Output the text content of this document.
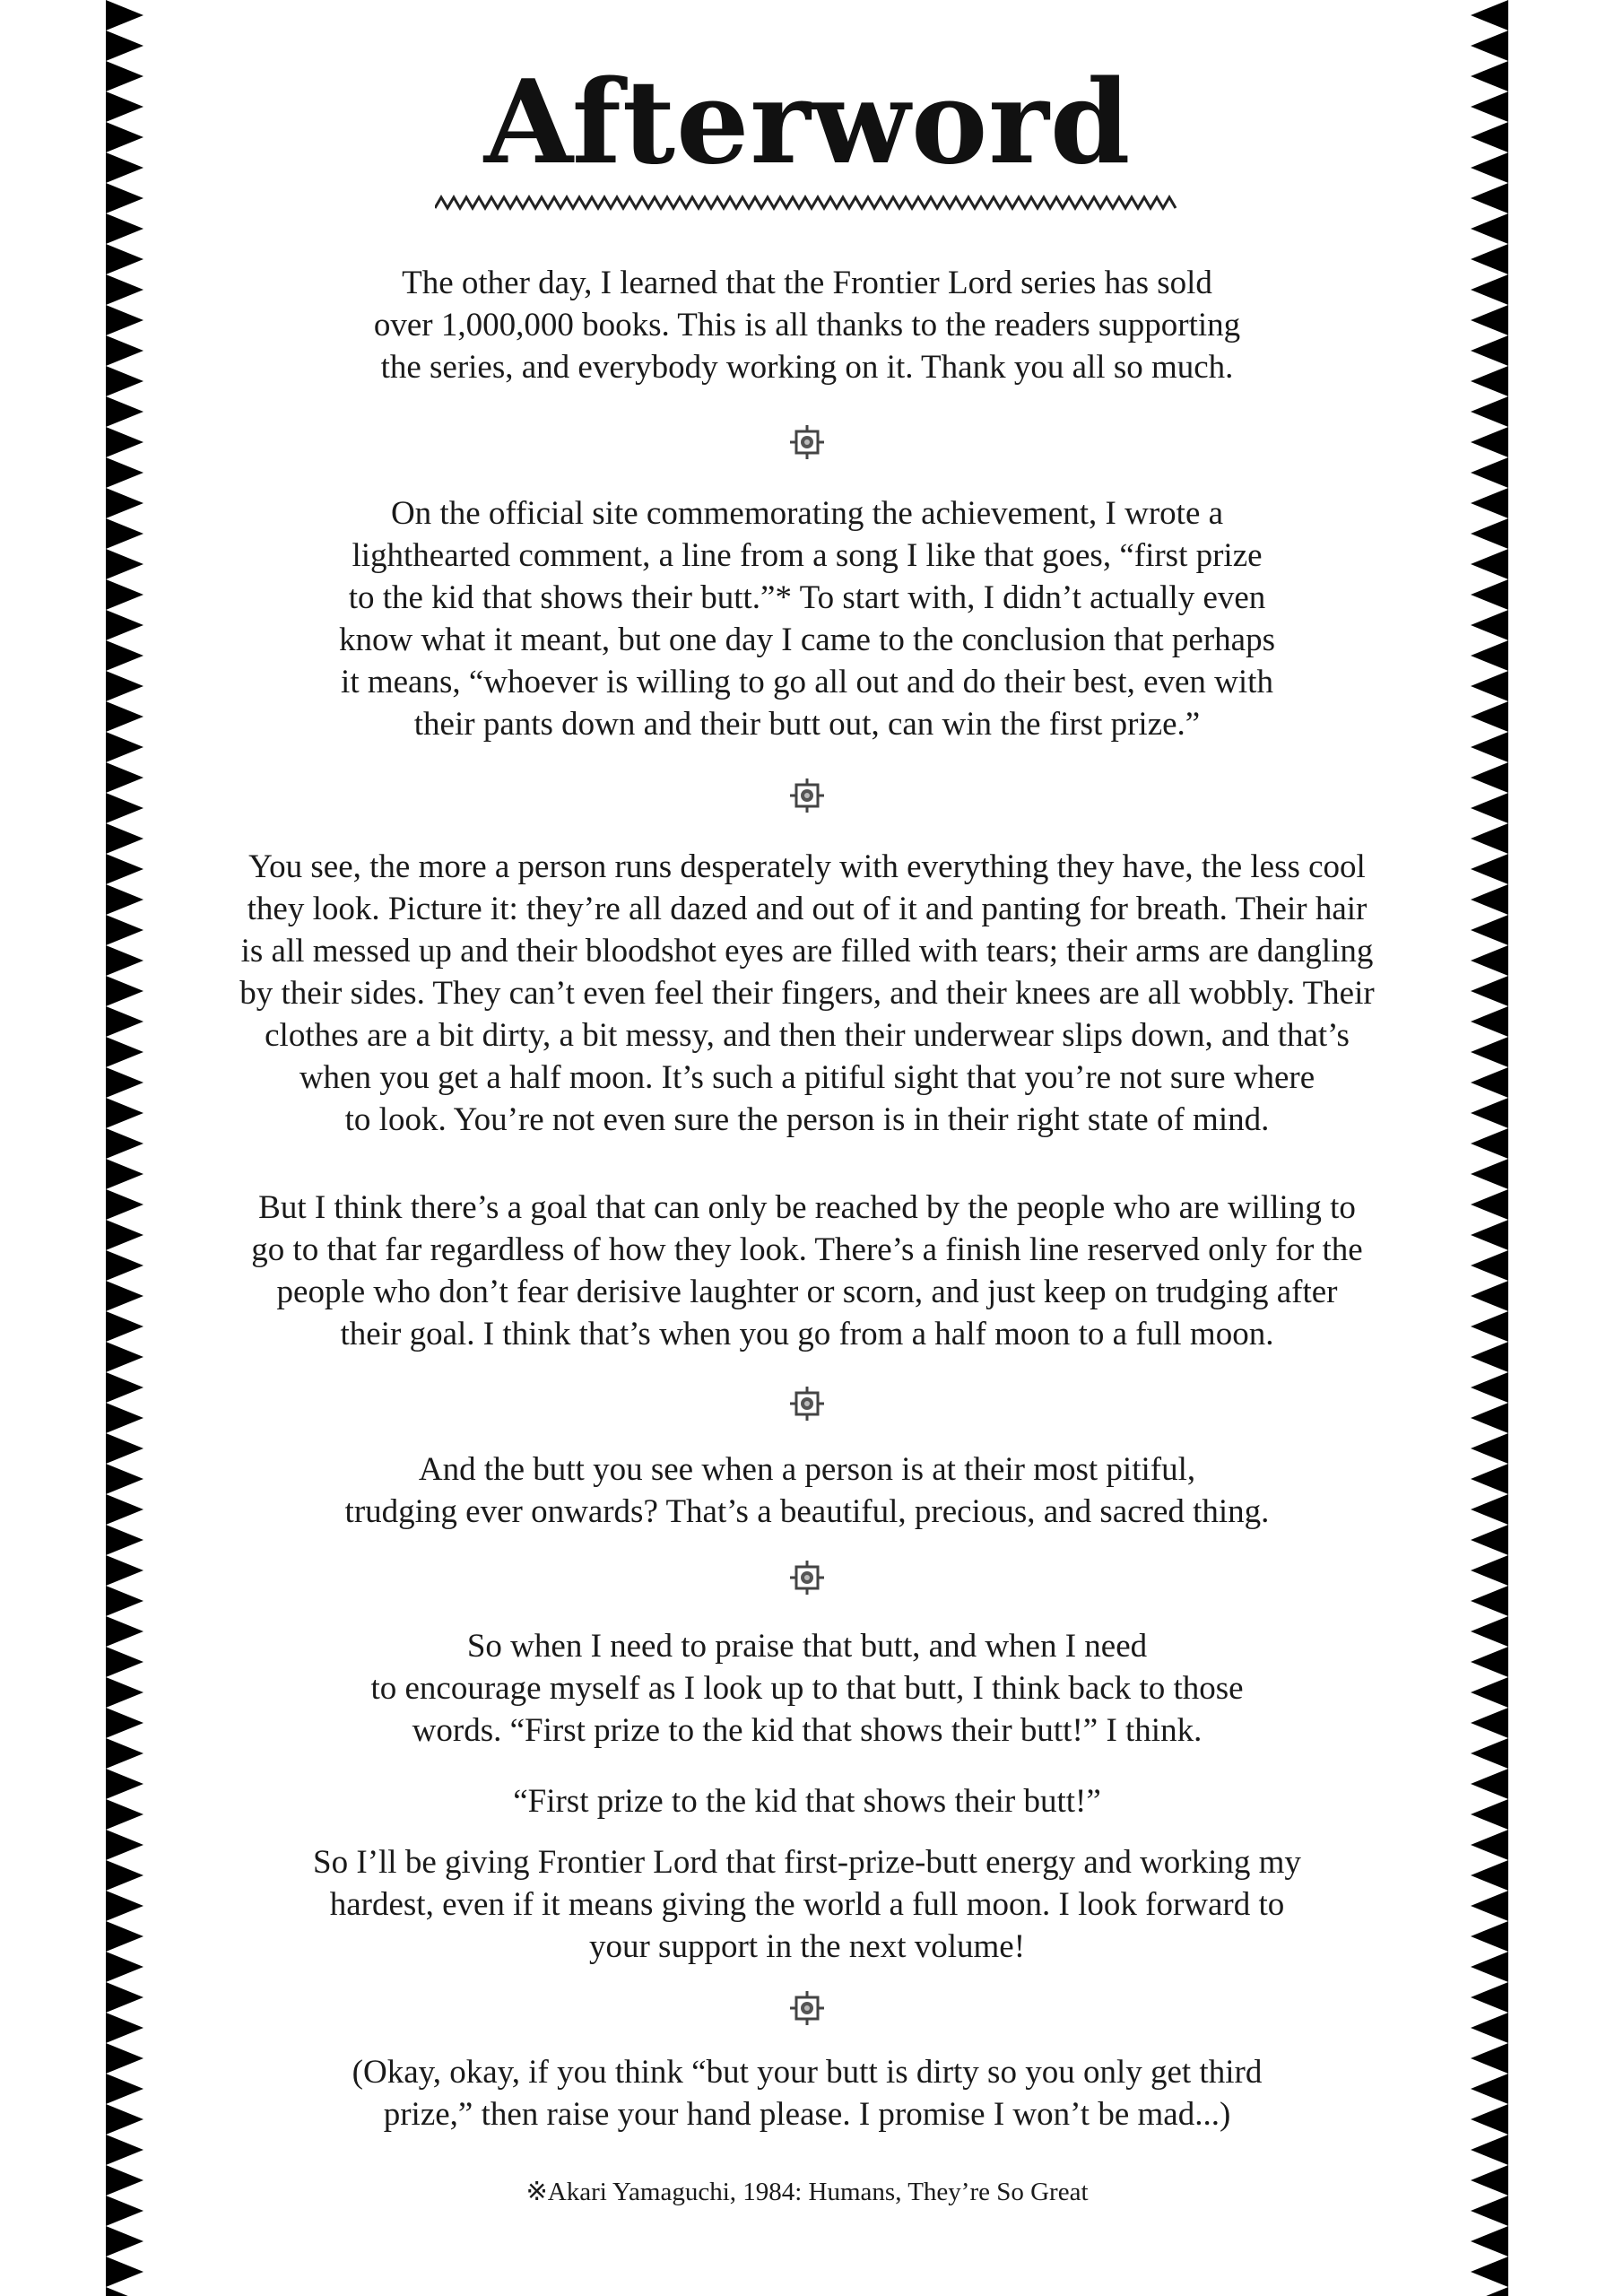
Afterword

The other day, I learned that the Frontier Lord series has sold
over 1,000,000 books. This is all thanks to the readers supporting
the series, and everybody working on it. Thank you all so much.

On the official site commemorating the achievement, I wrote a
lighthearted comment, a line from a song I like that goes, “first prize
to the kid that shows their butt.”* To start with, I didn’t actually even
know what it meant, but one day I came to the conclusion that perhaps
it means, “whoever is willing to go all out and do their best, even with
their pants down and their butt out, can win the first prize.”

You see, the more a person runs desperately with everything they have, the less cool
they look. Picture it: they’re all dazed and out of it and panting for breath. Their hair
is all messed up and their bloodshot eyes are filled with tears; their arms are dangling
by their sides. They can’t even feel their fingers, and their knees are all wobbly. Their
clothes are a bit dirty, a bit messy, and then their underwear slips down, and that’s
when you get a half moon. It’s such a pitiful sight that you’re not sure where
to look. You’re not even sure the person is in their right state of mind.

But I think there’s a goal that can only be reached by the people who are willing to
go to that far regardless of how they look. There’s a finish line reserved only for the
people who don’t fear derisive laughter or scorn, and just keep on trudging after
their goal. I think that’s when you go from a half moon to a full moon.

And the butt you see when a person is at their most pitiful,
trudging ever onwards? That’s a beautiful, precious, and sacred thing.

So when I need to praise that butt, and when I need
to encourage myself as I look up to that butt, I think back to those
words. “First prize to the kid that shows their butt!” I think.

“First prize to the kid that shows their butt!”

So I’ll be giving Frontier Lord that first-prize-butt energy and working my
hardest, even if it means giving the world a full moon. I look forward to
your support in the next volume!

(Okay, okay, if you think “but your butt is dirty so you only get third
prize,” then raise your hand please. I promise I won’t be mad...)

※Akari Yamaguchi, 1984: Humans, They’re So Great
